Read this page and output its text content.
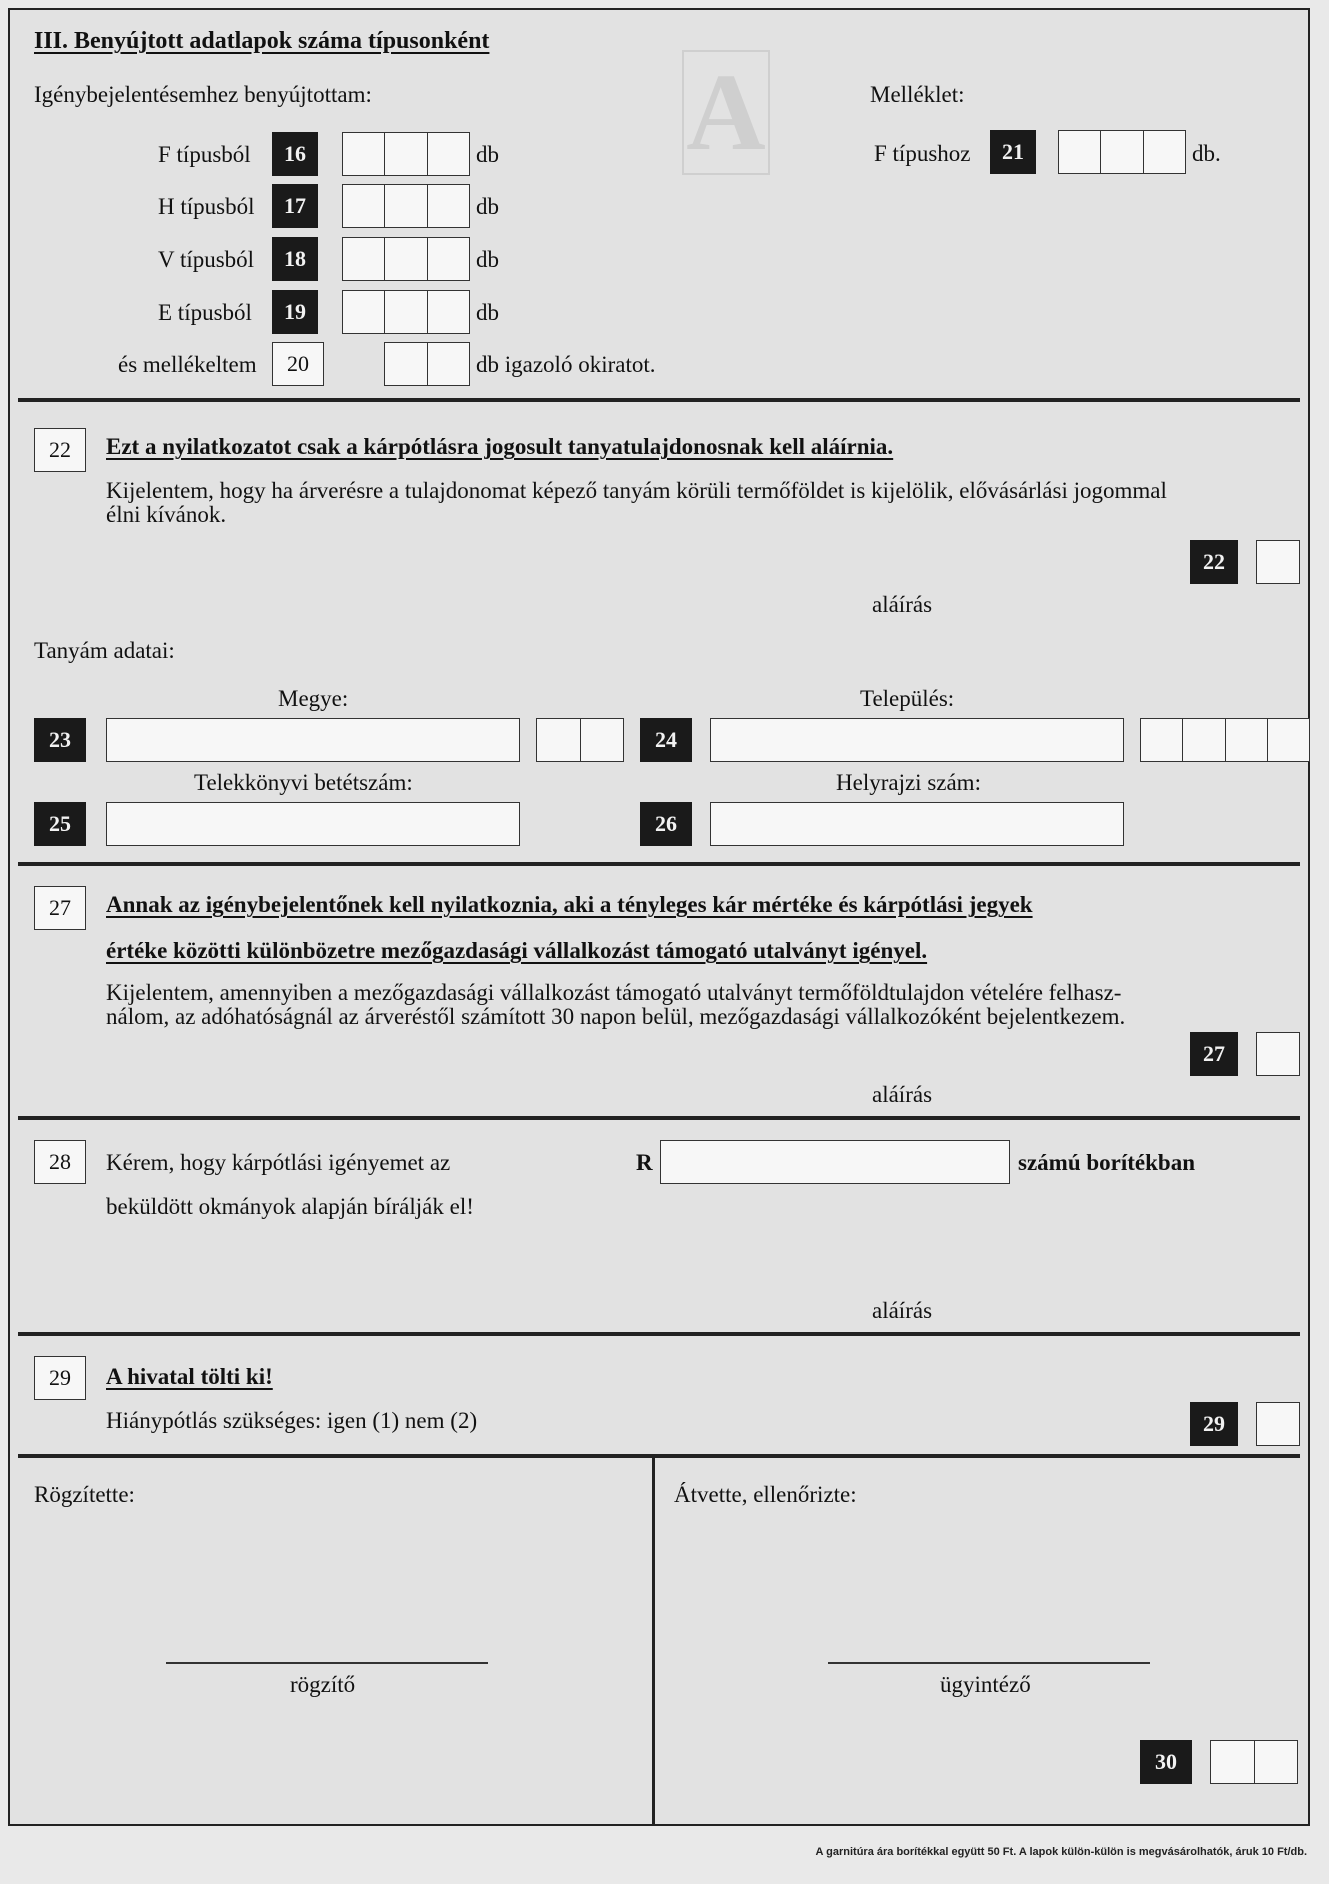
A
III. Benyújtott adatlapok száma típusonként
Igénybejelentésemhez benyújtottam:
F típusból	16	db
H típusból	17	db
V típusból	18	db
E típusból	19	db
és mellékeltem	20	db igazoló okiratot.
Melléklet:
F típushoz	21	db.
22	Ezt a nyilatkozatot csak a kárpótlásra jogosult tanyatulajdonosnak kell aláírnia.
Kijelentem, hogy ha árverésre a tulajdonomat képező tanyám körüli termőföldet is kijelölik, elővásárlási jogommal
élni kívánok.
22
aláírás
Tanyám adatai:
Megye:
23
Település:
24
Telekkönyvi betétszám:
25
Helyrajzi szám:
26
27	Annak az igénybejelentőnek kell nyilatkoznia, aki a tényleges kár mértéke és kárpótlási jegyek
értéke közötti különbözetre mezőgazdasági vállalkozást támogató utalványt igényel.
Kijelentem, amennyiben a mezőgazdasági vállalkozást támogató utalványt termőföldtulajdon vételére felhasz-
nálom, az adóhatóságnál az árveréstől számított 30 napon belül, mezőgazdasági vállalkozóként bejelentkezem.
27
aláírás
28	Kérem, hogy kárpótlási igényemet az	R	számú borítékban
beküldött okmányok alapján bírálják el!
aláírás
29	A hivatal tölti ki!
Hiánypótlás szükséges: igen (1) nem (2)	29
Rögzítette:
rögzítő
Átvette, ellenőrizte:
ügyintéző
30
A garnitúra ára borítékkal együtt 50 Ft. A lapok külön-külön is megvásárolhatók, áruk 10 Ft/db.
